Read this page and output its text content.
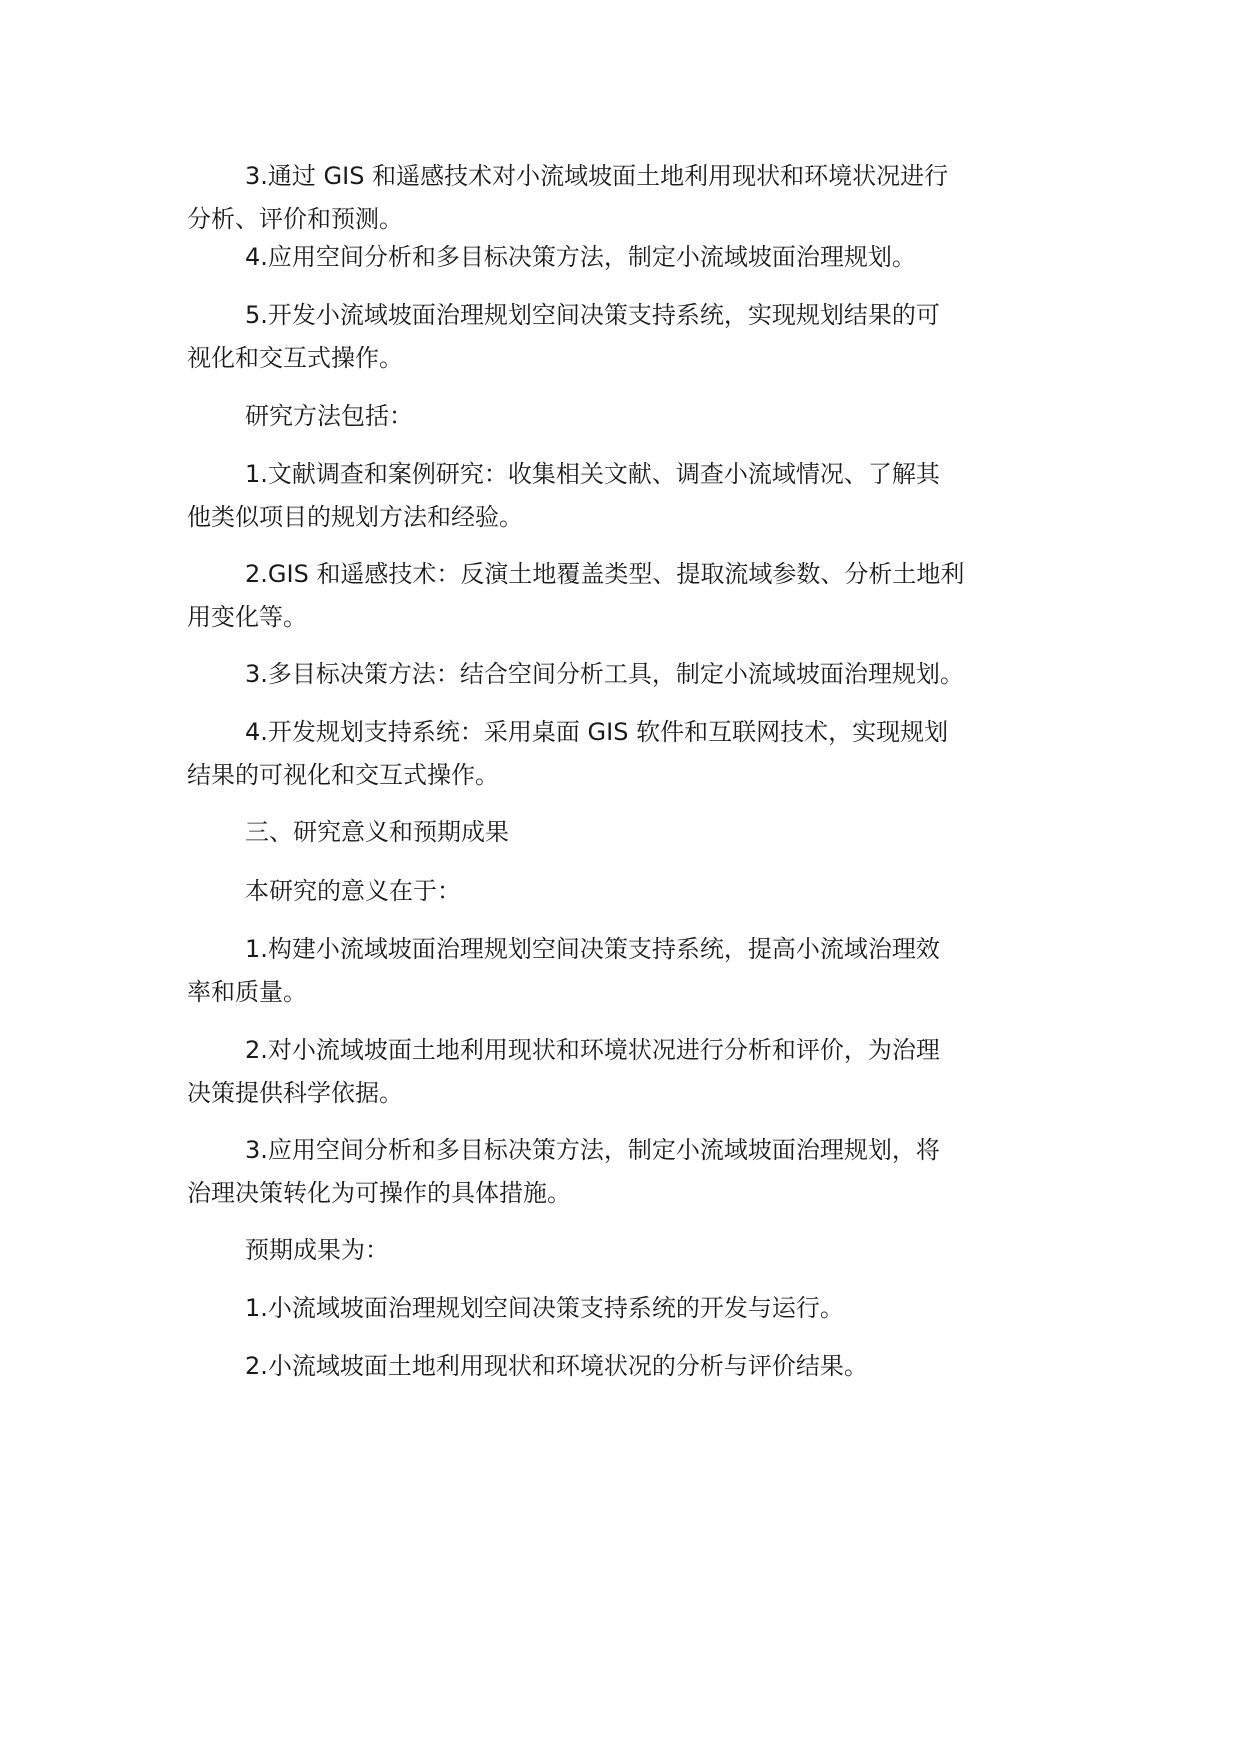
3.通过 GIS 和遥感技术对小流域坡面土地利用现状和环境状况进行
分析、评价和预测。

4.应用空间分析和多目标决策方法，制定小流域坡面治理规划。

5.开发小流域坡面治理规划空间决策支持系统，实现规划结果的可
视化和交互式操作。

研究方法包括：

1.文献调查和案例研究：收集相关文献、调查小流域情况、了解其
他类似项目的规划方法和经验。

2.GIS 和遥感技术：反演土地覆盖类型、提取流域参数、分析土地利
用变化等。

3.多目标决策方法：结合空间分析工具，制定小流域坡面治理规划。

4.开发规划支持系统：采用桌面 GIS 软件和互联网技术，实现规划
结果的可视化和交互式操作。

三、研究意义和预期成果

本研究的意义在于：

1.构建小流域坡面治理规划空间决策支持系统，提高小流域治理效
率和质量。

2.对小流域坡面土地利用现状和环境状况进行分析和评价，为治理
决策提供科学依据。

3.应用空间分析和多目标决策方法，制定小流域坡面治理规划，将
治理决策转化为可操作的具体措施。

预期成果为：

1.小流域坡面治理规划空间决策支持系统的开发与运行。

2.小流域坡面土地利用现状和环境状况的分析与评价结果。
